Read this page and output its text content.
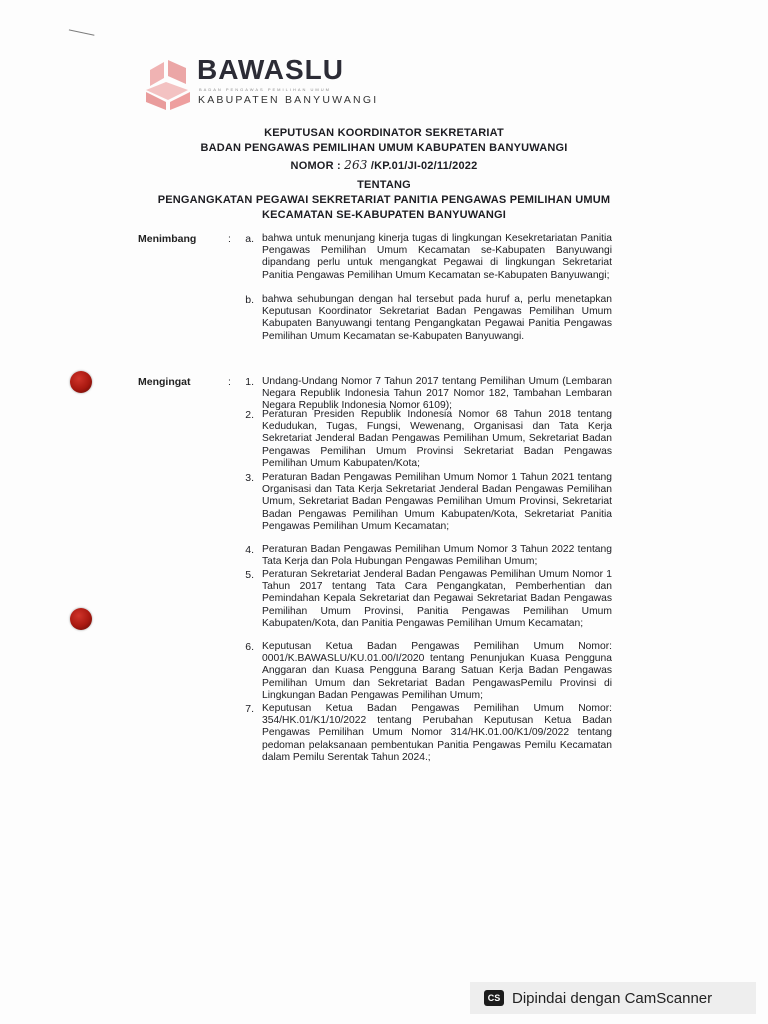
BAWASLU
BADAN PENGAWAS PEMILIHAN UMUM
KABUPATEN BANYUWANGI
KEPUTUSAN KOORDINATOR SEKRETARIAT
BADAN PENGAWAS PEMILIHAN UMUM KABUPATEN BANYUWANGI
NOMOR : 263 /KP.01/JI-02/11/2022
TENTANG
PENGANGKATAN PEGAWAI SEKRETARIAT PANITIA PENGAWAS PEMILIHAN UMUM
KECAMATAN SE-KABUPATEN BANYUWANGI
Menimbang	:	a. bahwa untuk menunjang kinerja tugas di lingkungan Kesekretariatan Panitia Pengawas Pemilihan Umum Kecamatan se-Kabupaten Banyuwangi dipandang perlu untuk mengangkat Pegawai di lingkungan Sekretariat Panitia Pengawas Pemilihan Umum Kecamatan se-Kabupaten Banyuwangi;
b. bahwa sehubungan dengan hal tersebut pada huruf a, perlu menetapkan Keputusan Koordinator Sekretariat Badan Pengawas Pemilihan Umum Kabupaten Banyuwangi tentang Pengangkatan Pegawai Panitia Pengawas Pemilihan Umum Kecamatan se-Kabupaten Banyuwangi.
Mengingat	:	1. Undang-Undang Nomor 7 Tahun 2017 tentang Pemilihan Umum (Lembaran Negara Republik Indonesia Tahun 2017 Nomor 182, Tambahan Lembaran Negara Republik Indonesia Nomor 6109);
2. Peraturan Presiden Republik Indonesia Nomor 68 Tahun 2018 tentang Kedudukan, Tugas, Fungsi, Wewenang, Organisasi dan Tata Kerja Sekretariat Jenderal Badan Pengawas Pemilihan Umum, Sekretariat Badan Pengawas Pemilihan Umum Provinsi Sekretariat Badan Pengawas Pemilihan Umum Kabupaten/Kota;
3. Peraturan Badan Pengawas Pemilihan Umum Nomor 1 Tahun 2021 tentang Organisasi dan Tata Kerja Sekretariat Jenderal Badan Pengawas Pemilihan Umum, Sekretariat Badan Pengawas Pemilihan Umum Provinsi, Sekretariat Badan Pengawas Pemilihan Umum Kabupaten/Kota, Sekretariat Panitia Pengawas Pemilihan Umum Kecamatan;
4. Peraturan Badan Pengawas Pemilihan Umum Nomor 3 Tahun 2022 tentang Tata Kerja dan Pola Hubungan Pengawas Pemilihan Umum;
5. Peraturan Sekretariat Jenderal Badan Pengawas Pemilihan Umum Nomor 1 Tahun 2017 tentang Tata Cara Pengangkatan, Pemberhentian dan Pemindahan Kepala Sekretariat dan Pegawai Sekretariat Badan Pengawas Pemilihan Umum Provinsi, Panitia Pengawas Pemilihan Umum Kabupaten/Kota, dan Panitia Pengawas Pemilihan Umum Kecamatan;
6. Keputusan Ketua Badan Pengawas Pemilihan Umum Nomor: 0001/K.BAWASLU/KU.01.00/I/2020 tentang Penunjukan Kuasa Pengguna Anggaran dan Kuasa Pengguna Barang Satuan Kerja Badan Pengawas Pemilihan Umum dan Sekretariat Badan PengawasPemilu Provinsi di Lingkungan Badan Pengawas Pemilihan Umum;
7. Keputusan Ketua Badan Pengawas Pemilihan Umum Nomor: 354/HK.01/K1/10/2022 tentang Perubahan Keputusan Ketua Badan Pengawas Pemilihan Umum Nomor 314/HK.01.00/K1/09/2022 tentang pedoman pelaksanaan pembentukan Panitia Pengawas Pemilu Kecamatan dalam Pemilu Serentak Tahun 2024.;
CS Dipindai dengan CamScanner
